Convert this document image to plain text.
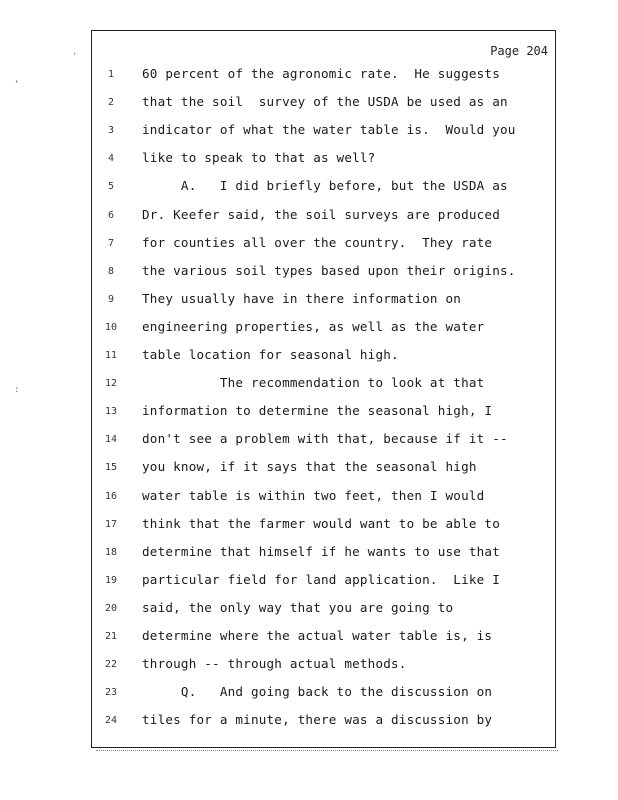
'
,
:
Page 204
1	60 percent of the agronomic rate.  He suggests
2	that the soil  survey of the USDA be used as an
3	indicator of what the water table is.  Would you
4	like to speak to that as well?
5	A.   I did briefly before, but the USDA as
6	Dr. Keefer said, the soil surveys are produced
7	for counties all over the country.  They rate
8	the various soil types based upon their origins.
9	They usually have in there information on
10	engineering properties, as well as the water
11	table location for seasonal high.
12	The recommendation to look at that
13	information to determine the seasonal high, I
14	don't see a problem with that, because if it --
15	you know, if it says that the seasonal high
16	water table is within two feet, then I would
17	think that the farmer would want to be able to
18	determine that himself if he wants to use that
19	particular field for land application.  Like I
20	said, the only way that you are going to
21	determine where the actual water table is, is
22	through -- through actual methods.
23	Q.   And going back to the discussion on
24	tiles for a minute, there was a discussion by
